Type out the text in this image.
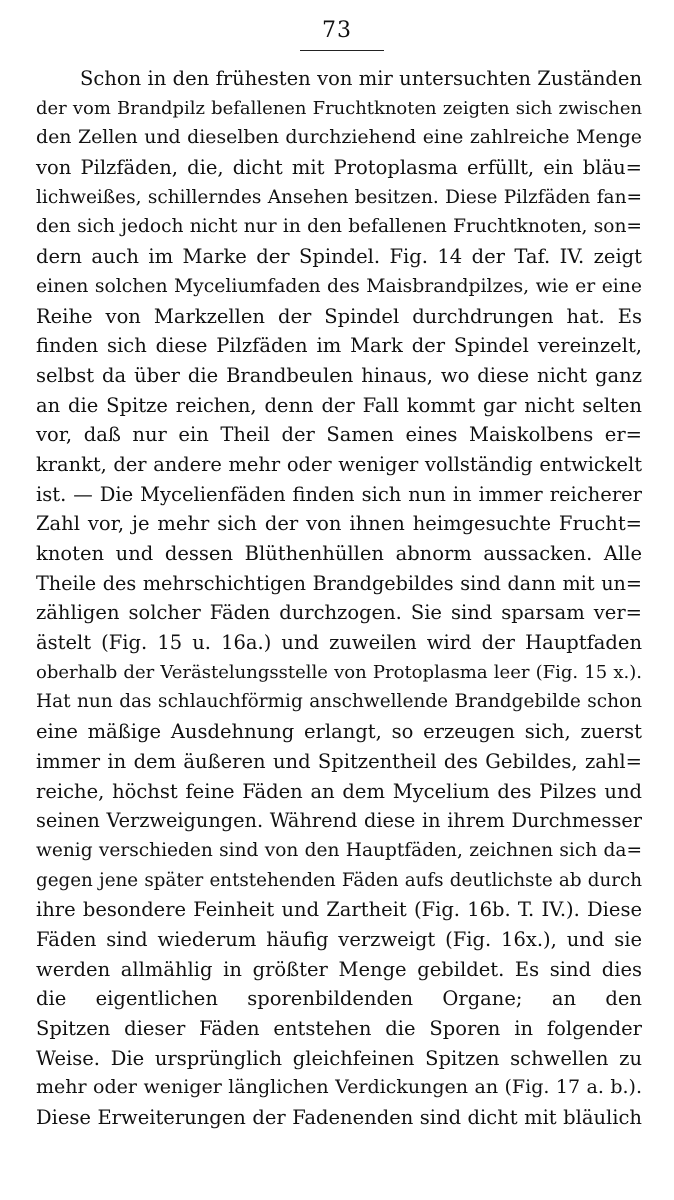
73
Schon in den frühesten von mir untersuchten Zuständen
der vom Brandpilz befallenen Fruchtknoten zeigten sich zwischen
den Zellen und dieselben durchziehend eine zahlreiche Menge
von Pilzfäden, die, dicht mit Protoplasma erfüllt, ein bläu=
lichweißes, schillerndes Ansehen besitzen. Diese Pilzfäden fan=
den sich jedoch nicht nur in den befallenen Fruchtknoten, son=
dern auch im Marke der Spindel. Fig. 14 der Taf. IV. zeigt
einen solchen Myceliumfaden des Maisbrandpilzes, wie er eine
Reihe von Markzellen der Spindel durchdrungen hat. Es
finden sich diese Pilzfäden im Mark der Spindel vereinzelt,
selbst da über die Brandbeulen hinaus, wo diese nicht ganz
an die Spitze reichen, denn der Fall kommt gar nicht selten
vor, daß nur ein Theil der Samen eines Maiskolbens er=
krankt, der andere mehr oder weniger vollständig entwickelt
ist. — Die Mycelienfäden finden sich nun in immer reicherer
Zahl vor, je mehr sich der von ihnen heimgesuchte Frucht=
knoten und dessen Blüthenhüllen abnorm aussacken. Alle
Theile des mehrschichtigen Brandgebildes sind dann mit un=
zähligen solcher Fäden durchzogen. Sie sind sparsam ver=
ästelt (Fig. 15 u. 16a.) und zuweilen wird der Hauptfaden
oberhalb der Verästelungsstelle von Protoplasma leer (Fig. 15 x.).
Hat nun das schlauchförmig anschwellende Brandgebilde schon
eine mäßige Ausdehnung erlangt, so erzeugen sich, zuerst
immer in dem äußeren und Spitzentheil des Gebildes, zahl=
reiche, höchst feine Fäden an dem Mycelium des Pilzes und
seinen Verzweigungen. Während diese in ihrem Durchmesser
wenig verschieden sind von den Hauptfäden, zeichnen sich da=
gegen jene später entstehenden Fäden aufs deutlichste ab durch
ihre besondere Feinheit und Zartheit (Fig. 16b. T. IV.). Diese
Fäden sind wiederum häufig verzweigt (Fig. 16x.), und sie
werden allmählig in größter Menge gebildet. Es sind dies
die eigentlichen sporenbildenden Organe; an den
Spitzen dieser Fäden entstehen die Sporen in folgender
Weise. Die ursprünglich gleichfeinen Spitzen schwellen zu
mehr oder weniger länglichen Verdickungen an (Fig. 17 a. b.).
Diese Erweiterungen der Fadenenden sind dicht mit bläulich
